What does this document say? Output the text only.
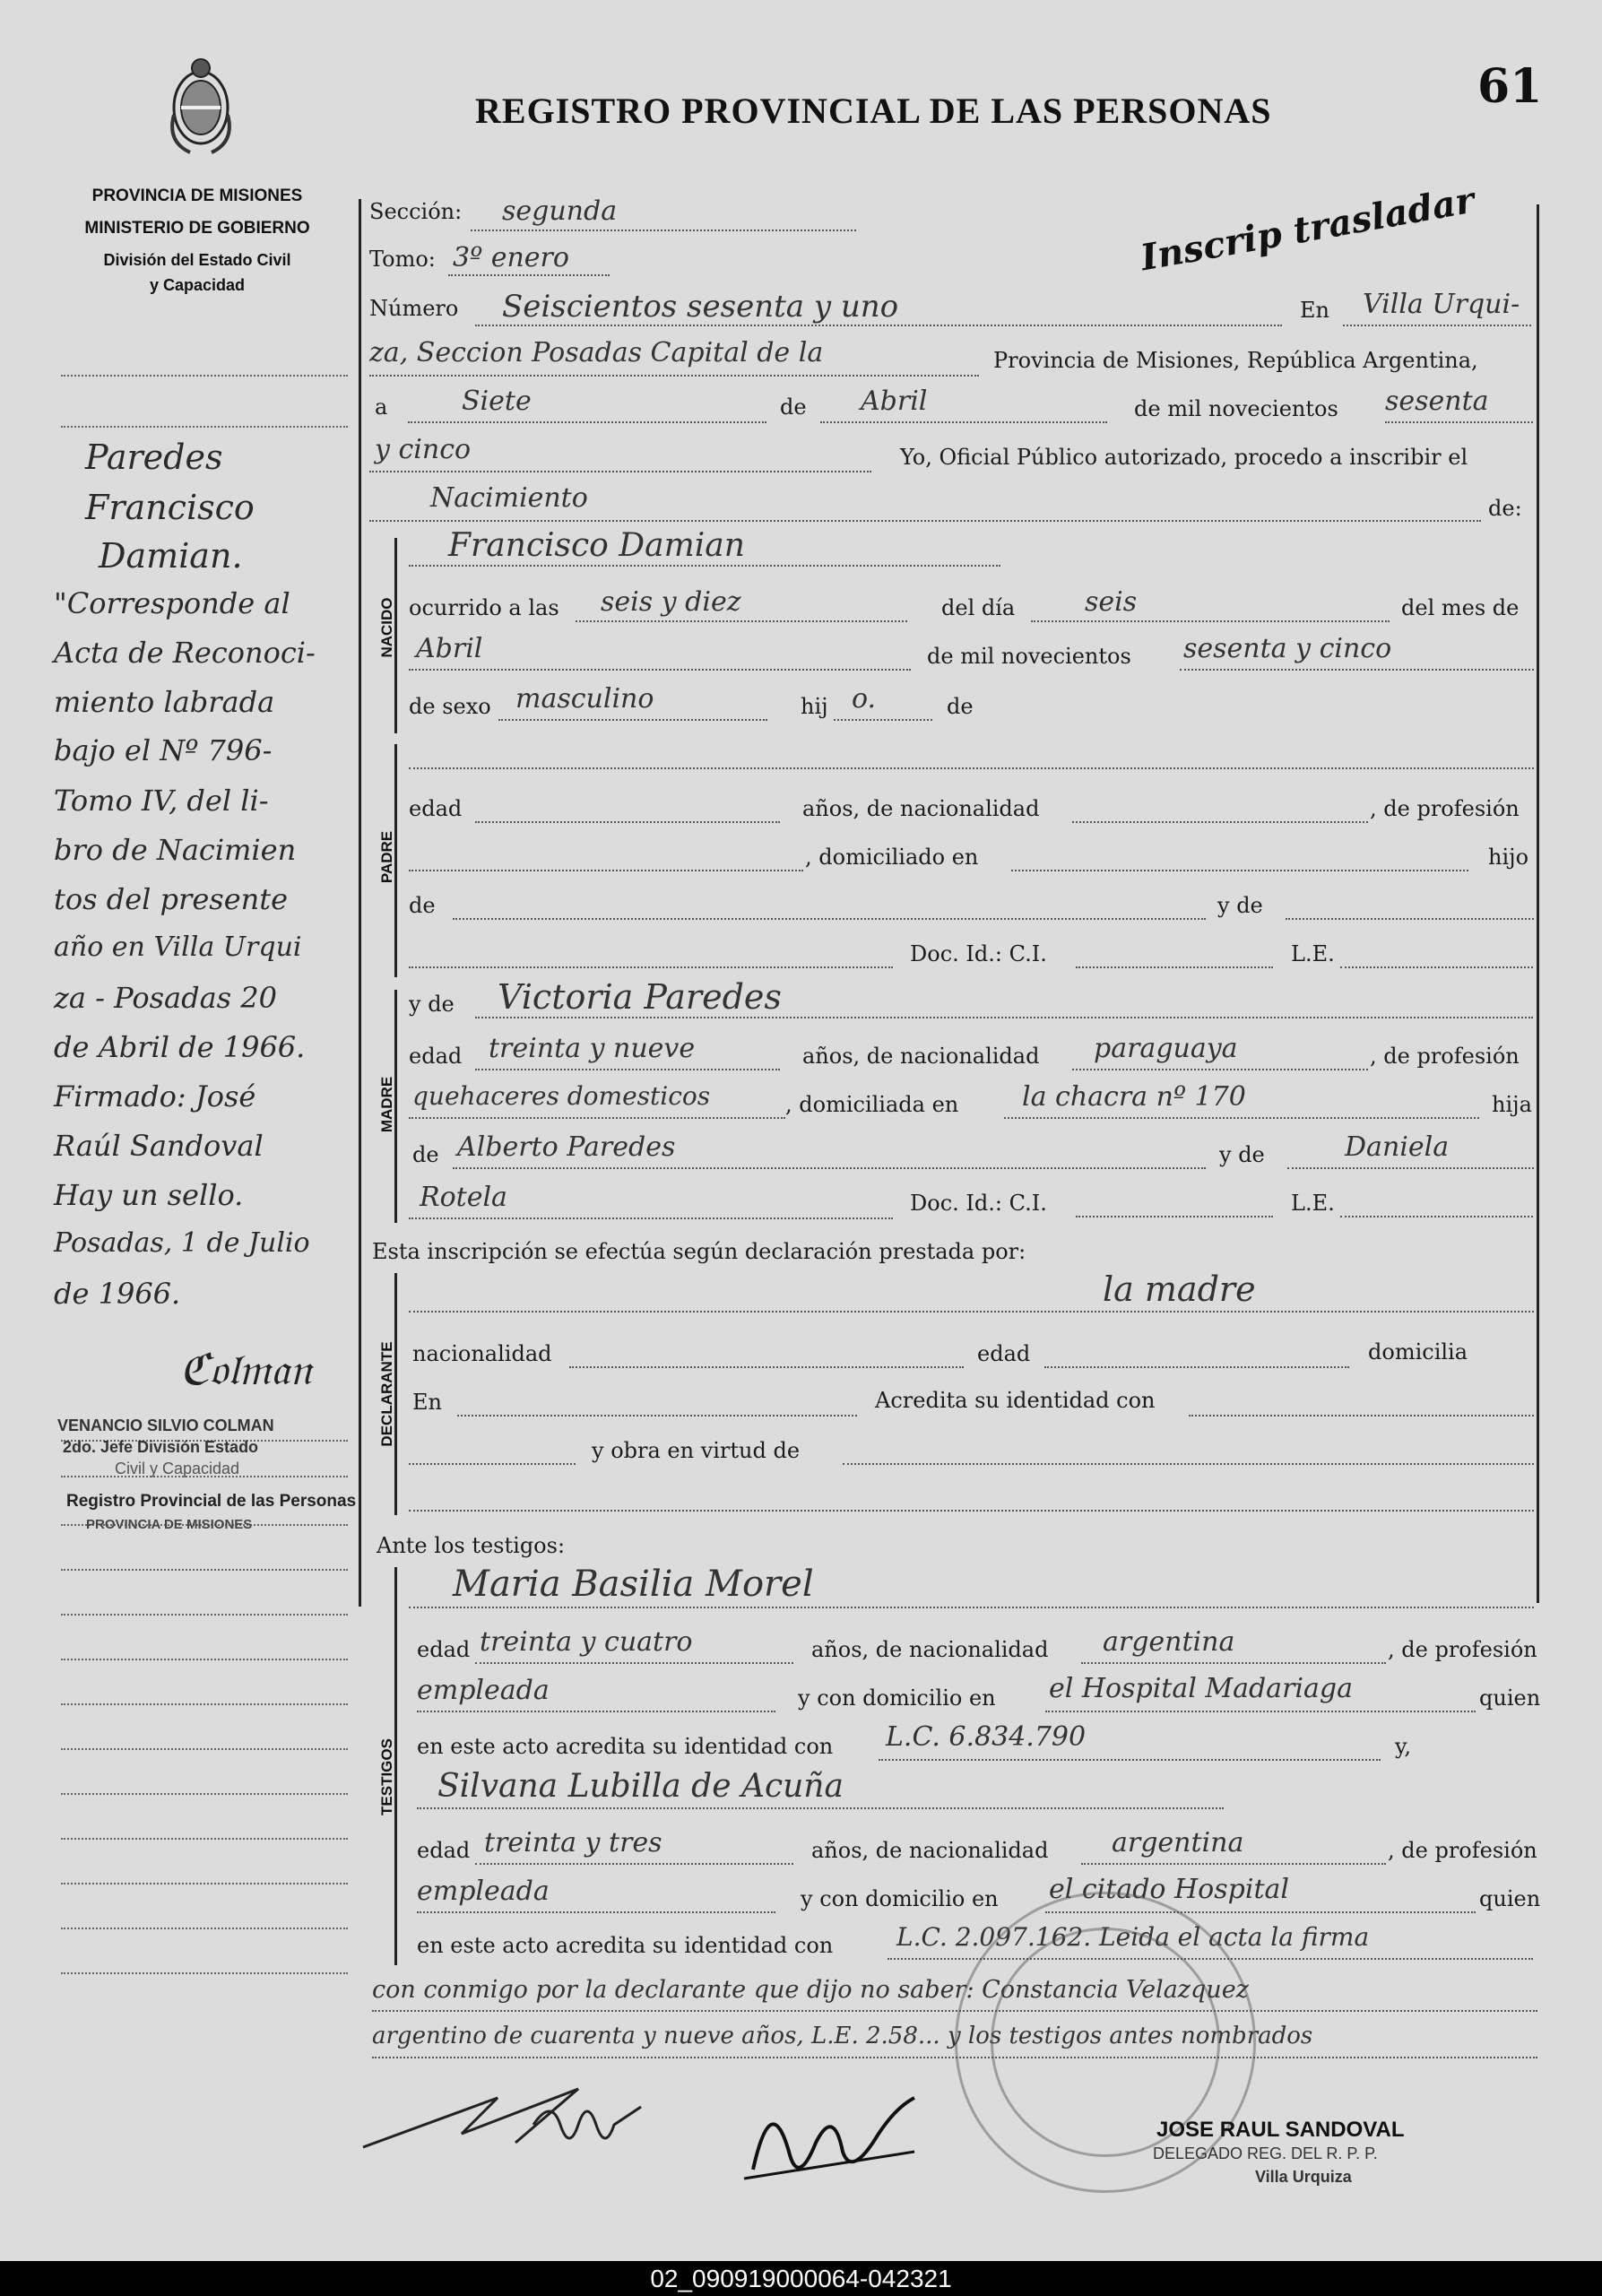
PROVINCIA DE MISIONES
MINISTERIO DE GOBIERNO
División del Estado Civil
y Capacidad
REGISTRO PROVINCIAL DE LAS PERSONAS	61
Inscrip trasladar
Paredes
Francisco
Damian.
"Corresponde al
Acta de Reconoci-
miento labrada
bajo el Nº 796-
Tomo IV, del li-
bro de Nacimien
tos del presente
año en Villa Urqui
za - Posadas 20
de Abril de 1966.
Firmado: José
Raúl Sandoval
Hay un sello.
Posadas, 1 de Julio
de 1966.
ℭ𝔬𝔩𝔪𝔞𝔫
VENANCIO SILVIO COLMAN
2do. Jefe División Estado
Civil y Capacidad
Registro Provincial de las Personas
PROVINCIA DE MISIONES
Sección: segunda
Tomo: 3º enero
Número Seiscientos sesenta y uno	En Villa Urqui-
za, Seccion Posadas Capital de la	Provincia de Misiones, República Argentina,
a	Siete	de Abril	de mil novecientos sesenta
y cinco	Yo, Oficial Público autorizado, procedo a inscribir el
Nacimiento	de:
NACIDO
Francisco Damian
ocurrido a las seis y diez	del día	seis	del mes de
Abril	de mil novecientos sesenta y cinco
de sexo masculino	hij o.	de
PADRE
edad	años, de nacionalidad	, de profesión
, domiciliado en	hijo
de	y de
Doc. Id.: C.I.	L.E.
MADRE
y de Victoria Paredes
edad treinta y nueve	años, de nacionalidad paraguaya	, de profesión
quehaceres domesticos	, domiciliada en la chacra nº 170	hija
de Alberto Paredes	y de	Daniela
Rotela	Doc. Id.: C.I.	L.E.
Esta inscripción se efectúa según declaración prestada por:
DECLARANTE
la madre
nacionalidad	edad	domicilia
En	Acredita su identidad con
y obra en virtud de
Ante los testigos:
TESTIGOS
Maria Basilia Morel
edad treinta y cuatro	años, de nacionalidad argentina	, de profesión
empleada	y con domicilio en el Hospital Madariaga	quien
en este acto acredita su identidad con L.C. 6.834.790	y,
Silvana Lubilla de Acuña
edad treinta y tres	años, de nacionalidad argentina	, de profesión
empleada	y con domicilio en el citado Hospital	quien
en este acto acredita su identidad con	L.C. 2.097.162. Leida el acta la firma
con conmigo por la declarante que dijo no saber: Constancia Velazquez
argentino de cuarenta y nueve años, L.E. 2.58... y los testigos antes nombrados
JOSE RAUL SANDOVAL
DELEGADO REG. DEL R. P. P.
Villa Urquiza
02_090919000064-042321
